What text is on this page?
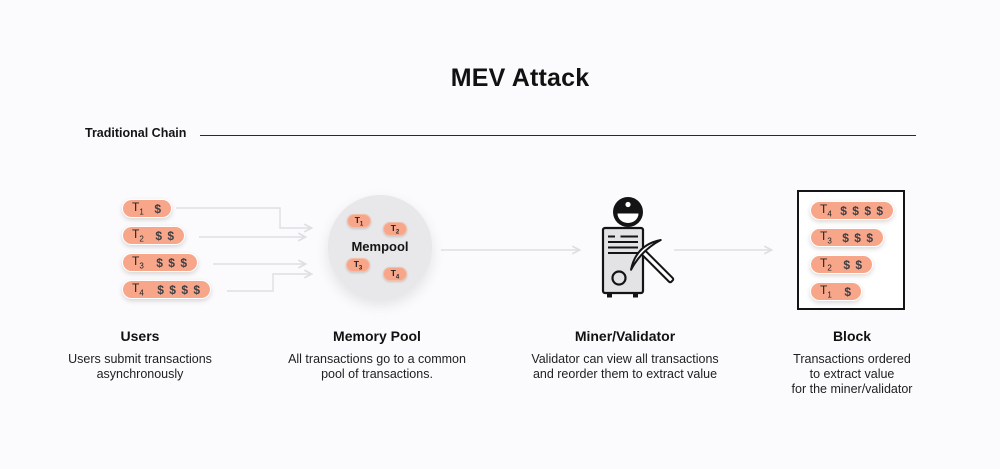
MEV Attack
Traditional Chain
$T_1$ $
$T_2$ $ $
$T_3$ $ $ $
$T_4$ $ $ $ $
$T_1$	$T_2$
Mempool
$T_3$	$T_4$
$T_4$ $ $ $ $
$T_3$ $ $ $
$T_2$ $ $
$T_1$ $
Users
Users submit transactions
asynchronously
Memory Pool
All transactions go to a common
pool of transactions.
Miner/Validator
Validator can view all transactions
and reorder them to extract value
Block
Transactions ordered
to extract value
for the miner/validator
